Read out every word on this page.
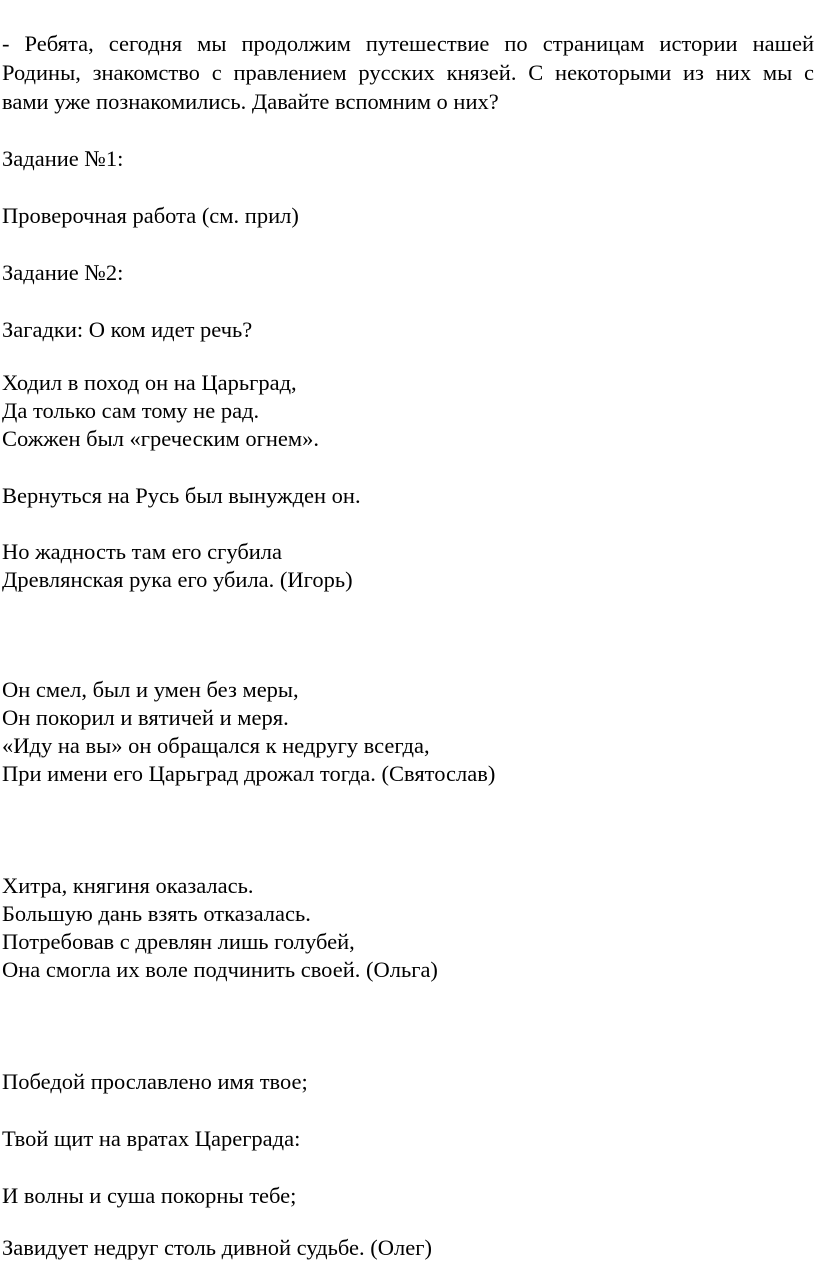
- Ребята, сегодня мы продолжим путешествие по страницам истории нашей
Родины, знакомство с правлением русских князей. С некоторыми из них мы с
вами уже познакомились. Давайте вспомним о них?
Задание №1:
Проверочная работа (см. прил)
Задание №2:
Загадки: О ком идет речь?
Ходил в поход он на Царьград,
Да только сам тому не рад.
Сожжен был «греческим огнем».
Вернуться на Русь был вынужден он.
Но жадность там его сгубила
Древлянская рука его убила. (Игорь)
Он смел, был и умен без меры,
Он покорил и вятичей и меря.
«Иду на вы» он обращался к недругу всегда,
При имени его Царьград дрожал тогда. (Святослав)
Хитра, княгиня оказалась.
Большую дань взять отказалась.
Потребовав с древлян лишь голубей,
Она смогла их воле подчинить своей. (Ольга)
Победой прославлено имя твое;
Твой щит на вратах Цареграда:
И волны и суша покорны тебе;
Завидует недруг столь дивной судьбе. (Олег)
